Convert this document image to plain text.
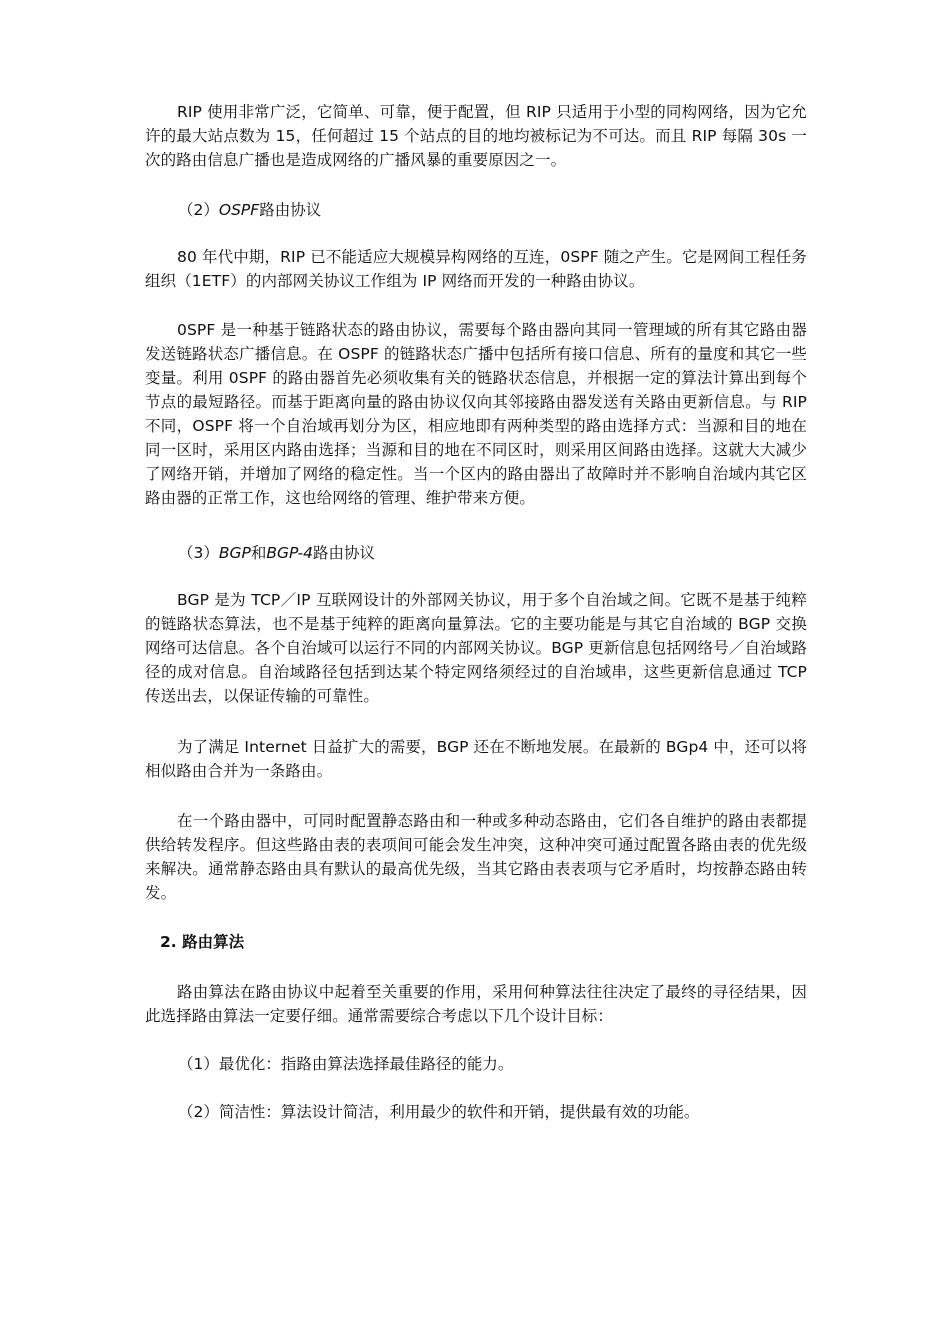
RIP 使用非常广泛，它简单、可靠，便于配置，但 RIP 只适用于小型的同构网络，因为它允许的最大站点数为 15，任何超过 15 个站点的目的地均被标记为不可达。而且 RIP 每隔 30s 一次的路由信息广播也是造成网络的广播风暴的重要原因之一。

（2）OSPF路由协议

80 年代中期，RIP 已不能适应大规模异构网络的互连，0SPF 随之产生。它是网间工程任务组织（1ETF）的内部网关协议工作组为 IP 网络而开发的一种路由协议。

0SPF 是一种基于链路状态的路由协议，需要每个路由器向其同一管理域的所有其它路由器发送链路状态广播信息。在 OSPF 的链路状态广播中包括所有接口信息、所有的量度和其它一些变量。利用 0SPF 的路由器首先必须收集有关的链路状态信息，并根据一定的算法计算出到每个节点的最短路径。而基于距离向量的路由协议仅向其邻接路由器发送有关路由更新信息。与 RIP 不同，OSPF 将一个自治域再划分为区，相应地即有两种类型的路由选择方式：当源和目的地在同一区时，采用区内路由选择；当源和目的地在不同区时，则采用区间路由选择。这就大大减少了网络开销，并增加了网络的稳定性。当一个区内的路由器出了故障时并不影响自治域内其它区路由器的正常工作，这也给网络的管理、维护带来方便。

（3）BGP和BGP-4路由协议

BGP 是为 TCP／IP 互联网设计的外部网关协议，用于多个自治域之间。它既不是基于纯粹的链路状态算法，也不是基于纯粹的距离向量算法。它的主要功能是与其它自治域的 BGP 交换网络可达信息。各个自治域可以运行不同的内部网关协议。BGP 更新信息包括网络号／自治域路径的成对信息。自治域路径包括到达某个特定网络须经过的自治域串，这些更新信息通过 TCP 传送出去，以保证传输的可靠性。

为了满足 Internet 日益扩大的需要，BGP 还在不断地发展。在最新的 BGp4 中，还可以将相似路由合并为一条路由。

在一个路由器中，可同时配置静态路由和一种或多种动态路由，它们各自维护的路由表都提供给转发程序。但这些路由表的表项间可能会发生冲突，这种冲突可通过配置各路由表的优先级来解决。通常静态路由具有默认的最高优先级，当其它路由表表项与它矛盾时，均按静态路由转发。

2. 路由算法

路由算法在路由协议中起着至关重要的作用，采用何种算法往往决定了最终的寻径结果，因此选择路由算法一定要仔细。通常需要综合考虑以下几个设计目标：

（1）最优化：指路由算法选择最佳路径的能力。

（2）简洁性：算法设计简洁，利用最少的软件和开销，提供最有效的功能。
